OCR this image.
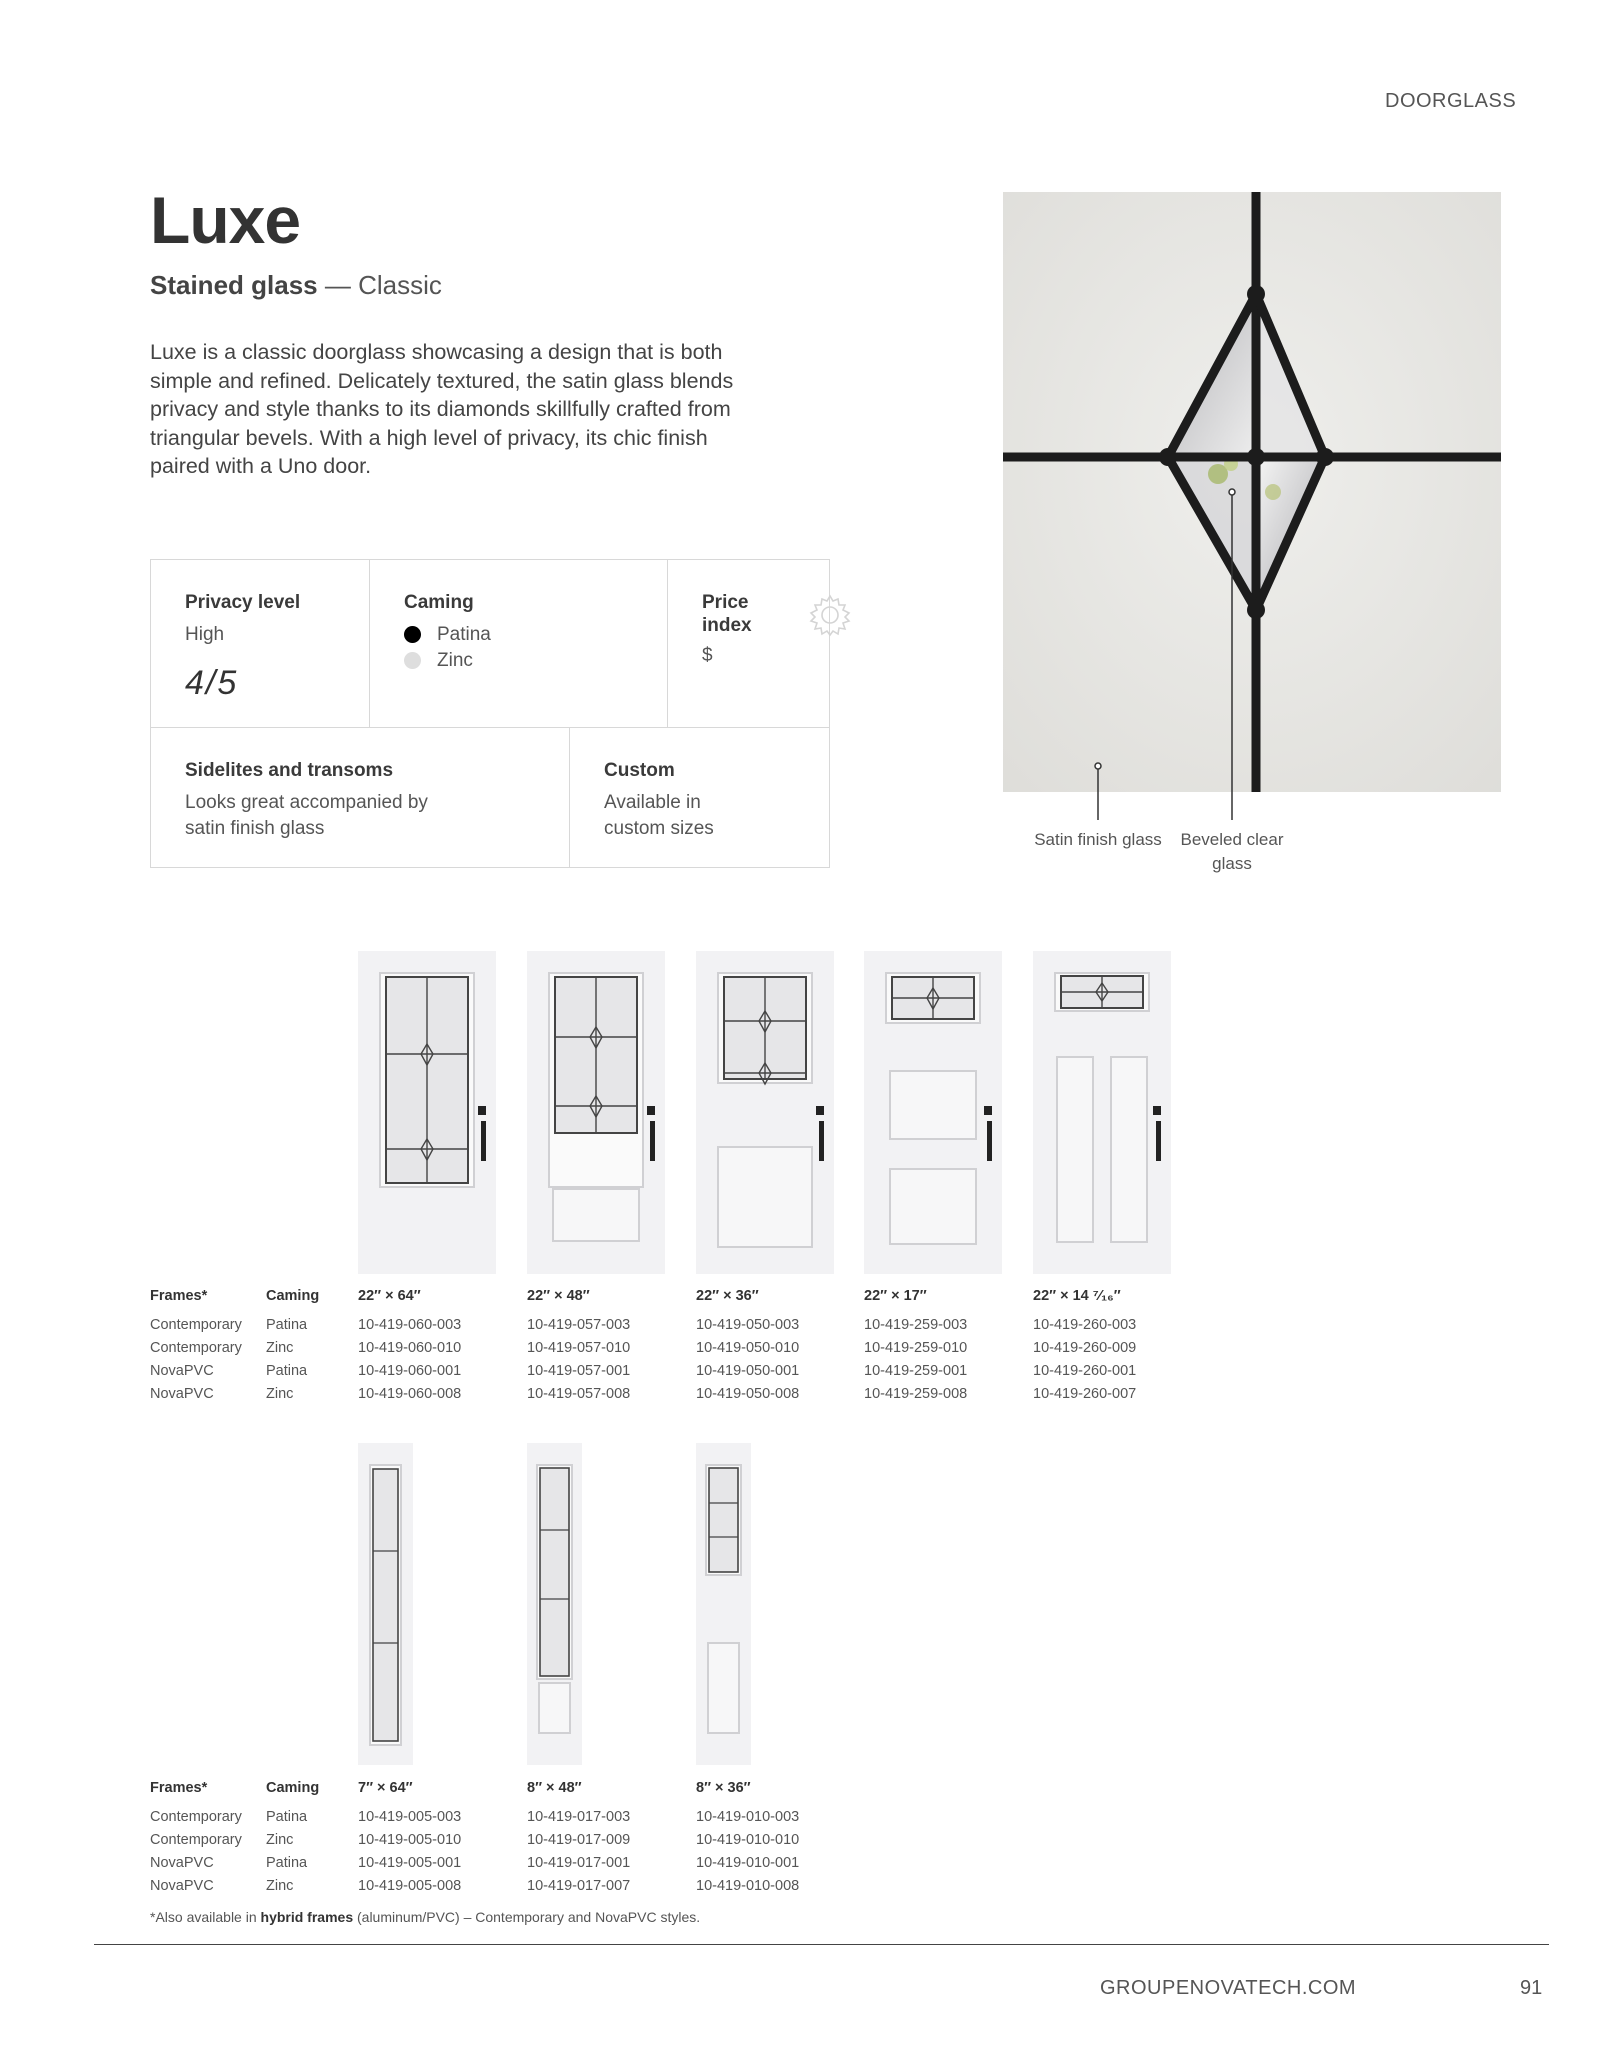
DOORGLASS
Luxe
Stained glass — Classic
Luxe is a classic doorglass showcasing a design that is both simple and refined. Delicately textured, the satin glass blends privacy and style thanks to its diamonds skillfully crafted from triangular bevels. With a high level of privacy, its chic finish paired with a Uno door.
Privacy level
High
4/5
Caming
Patina
Zinc
Price index
$
Sidelites and transoms
Looks great accompanied by satin finish glass
Custom
Available in custom sizes
Satin finish glass	Beveled clear glass
Frames*
Contemporary
Contemporary
NovaPVC
NovaPVC
Caming
Patina
Zinc
Patina
Zinc
22″ × 64″
10-419-060-003
10-419-060-010
10-419-060-001
10-419-060-008
22″ × 48″
10-419-057-003
10-419-057-010
10-419-057-001
10-419-057-008
22″ × 36″
10-419-050-003
10-419-050-010
10-419-050-001
10-419-050-008
22″ × 17″
10-419-259-003
10-419-259-010
10-419-259-001
10-419-259-008
22″ × 14 ⁷⁄₁₆″
10-419-260-003
10-419-260-009
10-419-260-001
10-419-260-007
Frames*
Contemporary
Contemporary
NovaPVC
NovaPVC
Caming
Patina
Zinc
Patina
Zinc
7″ × 64″
10-419-005-003
10-419-005-010
10-419-005-001
10-419-005-008
8″ × 48″
10-419-017-003
10-419-017-009
10-419-017-001
10-419-017-007
8″ × 36″
10-419-010-003
10-419-010-010
10-419-010-001
10-419-010-008
*Also available in hybrid frames (aluminum/PVC) – Contemporary and NovaPVC styles.
GROUPENOVATECH.COM	91
